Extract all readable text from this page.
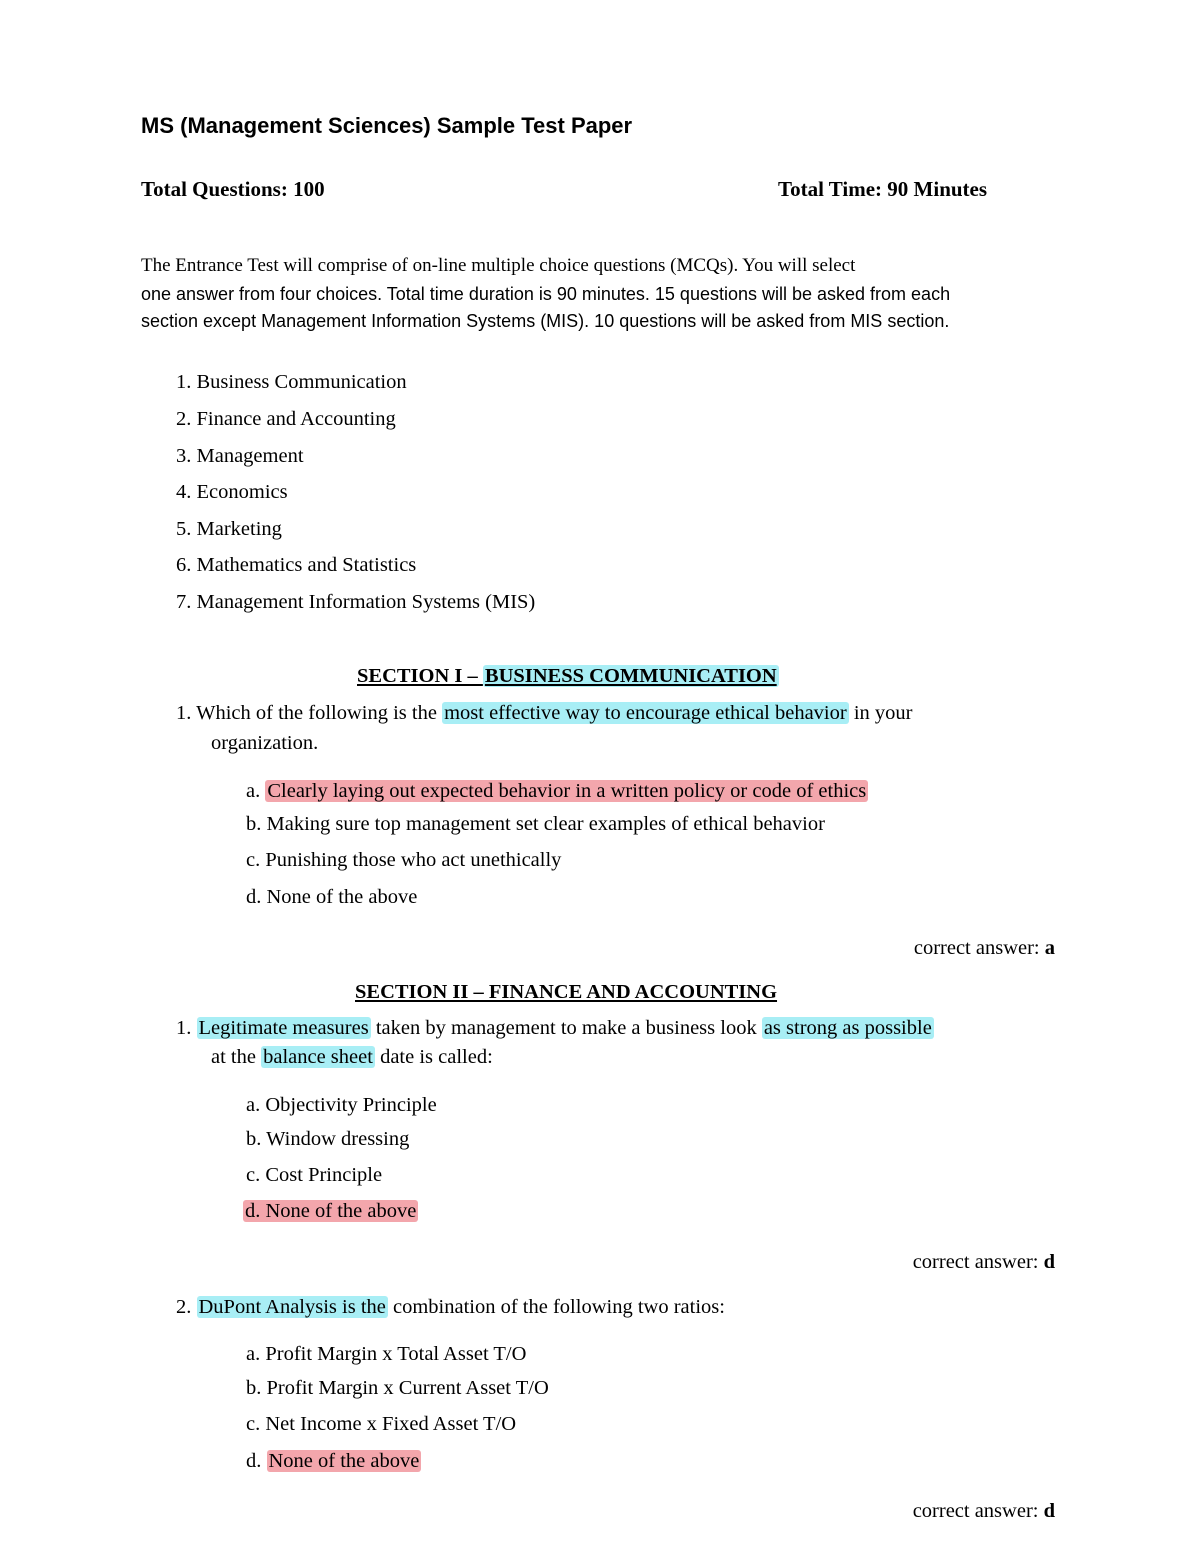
MS (Management Sciences) Sample Test Paper
Total Questions: 100	Total Time: 90 Minutes
The Entrance Test will comprise of on-line multiple choice questions (MCQs). You will select
one answer from four choices. Total time duration is 90 minutes. 15 questions will be asked from each
section except Management Information Systems (MIS). 10 questions will be asked from MIS section.
1. Business Communication
2. Finance and Accounting
3. Management
4. Economics
5. Marketing
6. Mathematics and Statistics
7. Management Information Systems (MIS)
SECTION I – BUSINESS COMMUNICATION
1. Which of the following is the most effective way to encourage ethical behavior in your
organization.
a. Clearly laying out expected behavior in a written policy or code of ethics
b. Making sure top management set clear examples of ethical behavior
c. Punishing those who act unethically
d. None of the above
correct answer: a
SECTION II – FINANCE AND ACCOUNTING
1. Legitimate measures taken by management to make a business look as strong as possible
at the balance sheet date is called:
a. Objectivity Principle
b. Window dressing
c. Cost Principle
d. None of the above
correct answer: d
2. DuPont Analysis is the combination of the following two ratios:
a. Profit Margin x Total Asset T/O
b. Profit Margin x Current Asset T/O
c. Net Income x Fixed Asset T/O
d. None of the above
correct answer: d
